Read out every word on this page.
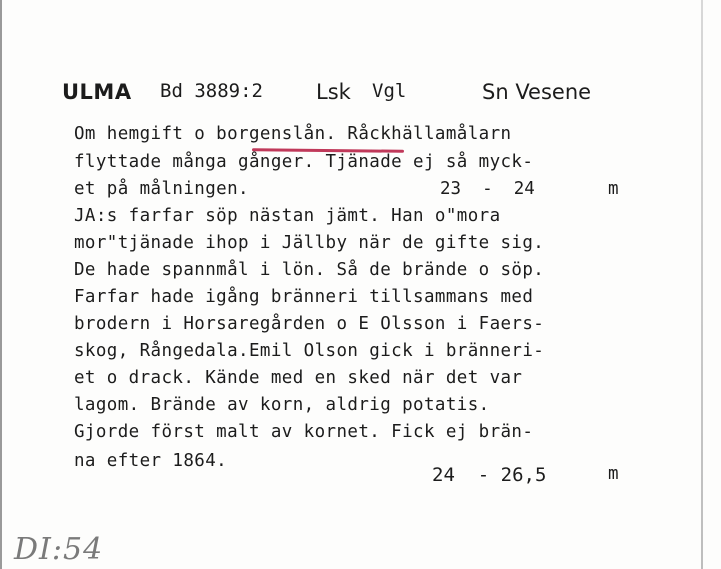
ULMA Bd 3889:2	Lsk Vgl	Sn Vesene
Om hemgift o borgenslån. Råckhällamålarn
flyttade många gånger. Tjänade ej så myck-
et på målningen.	23  -  24	m
JA:s farfar söp nästan jämt. Han o"mora
mor"tjänade ihop i Jällby när de gifte sig.
De hade spannmål i lön. Så de brände o söp.
Farfar hade igång bränneri tillsammans med
brodern i Horsaregården o E Olsson i Faers-
skog, Rångedala.Emil Olson gick i bränneri-
et o drack. Kände med en sked när det var
lagom. Brände av korn, aldrig potatis.
Gjorde först malt av kornet. Fick ej brän-
na efter 1864.
24  - 26,5	m
DI:54
